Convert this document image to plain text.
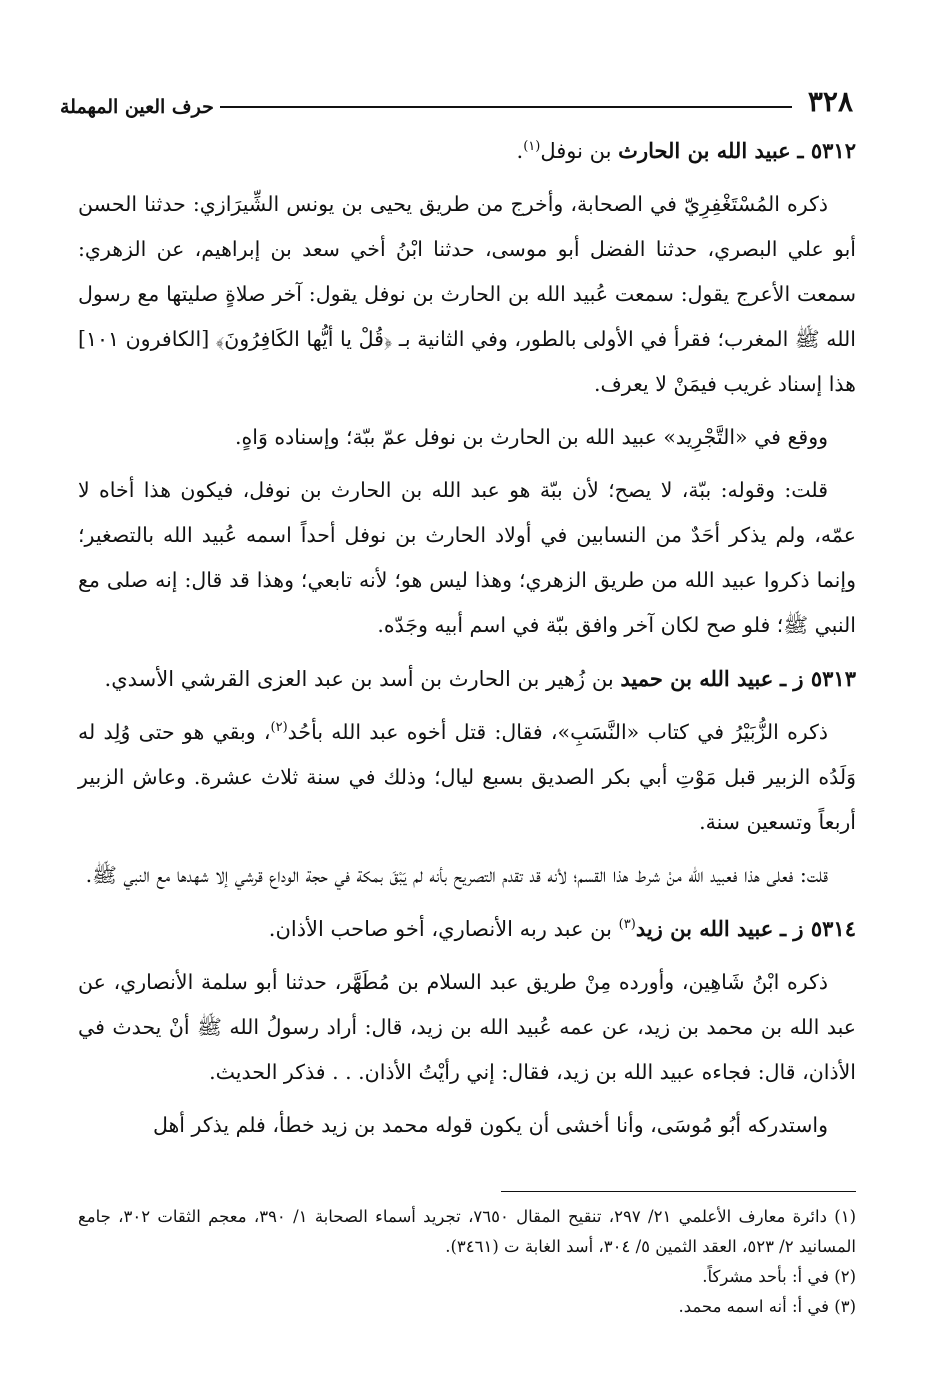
٣٢٨
حرف العين المهملة

٥٣١٢ ـ عبيد الله بن الحارث بن نوفل$^{(١)}$.

ذكره المُسْتَغْفِرِيّ في الصحابة، وأخرج من طريق يحيى بن يونس الشِّيرَازي: حدثنا الحسن أبو علي البصري، حدثنا الفضل أبو موسى، حدثنا ابْنُ أخي سعد بن إبراهيم، عن الزهري: سمعت الأعرج يقول: سمعت عُبيد الله بن الحارث بن نوفل يقول: آخر صلاةٍ صليتها مع رسول الله ﷺ المغرب؛ فقرأ في الأولى بالطور، وفي الثانية بـ ﴿قُلْ يا أيُّها الكَافِرُونَ﴾ [الكافرون ١٠١] هذا إسناد غريب فيمَنْ لا يعرف.

ووقع في «التَّجْرِيد» عبيد الله بن الحارث بن نوفل عمّ ببّة؛ وإسناده وَاهٍ.

قلت: وقوله: ببّة، لا يصح؛ لأن ببّة هو عبد الله بن الحارث بن نوفل، فيكون هذا أخاه لا عمّه، ولم يذكر أحَدٌ من النسابين في أولاد الحارث بن نوفل أحداً اسمه عُبيد الله بالتصغير؛ وإنما ذكروا عبيد الله من طريق الزهري؛ وهذا ليس هو؛ لأنه تابعي؛ وهذا قد قال: إنه صلى مع النبي ﷺ؛ فلو صح لكان آخر وافق ببّة في اسم أبيه وجَدّه.

٥٣١٣ ز ـ عبيد الله بن حميد بن زُهير بن الحارث بن أسد بن عبد العزى القرشي الأسدي.

ذكره الزُّبَيْرُ في كتاب «النَّسَبِ»، فقال: قتل أخوه عبد الله بأحُد$^{(٢)}$، وبقي هو حتى وُلِد له وَلَدُه الزبير قبل مَوْتِ أبي بكر الصديق بسبع ليال؛ وذلك في سنة ثلاث عشرة. وعاش الزبير أربعاً وتسعين سنة.

قلت: فعلى هذا فعبيد الله منْ شرط هذا القسم؛ لأنه قد تقدم التصريح بأنه لم يَبْقَ بمكة في حجة الوداع قرشي إلا شهدها مع النبي ﷺ.

٥٣١٤ ز ـ عبيد الله بن زيد$^{(٣)}$ بن عبد ربه الأنصاري، أخو صاحب الأذان.

ذكره ابْنُ شَاهِين، وأورده مِنْ طريق عبد السلام بن مُطَهَّر، حدثنا أبو سلمة الأنصاري، عن عبد الله بن محمد بن زيد، عن عمه عُبيد الله بن زيد، قال: أراد رسولُ الله ﷺ أنْ يحدث في الأذان، قال: فجاءه عبيد الله بن زيد، فقال: إني رأيْتُ الأذان. . . فذكر الحديث.

واستدركه أبُو مُوسَى، وأنا أخشى أن يكون قوله محمد بن زيد خطأ، فلم يذكر أهل

(١) دائرة معارف الأعلمي ٢١/ ٢٩٧، تنقيح المقال ٧٦٥٠، تجريد أسماء الصحابة ١/ ٣٩٠، معجم الثقات ٣٠٢، جامع المسانيد ٢/ ٥٢٣، العقد الثمين ٥/ ٣٠٤، أسد الغابة ت (٣٤٦١).

(٢) في أ: بأحد مشركاً.

(٣) في أ: أنه اسمه محمد.
